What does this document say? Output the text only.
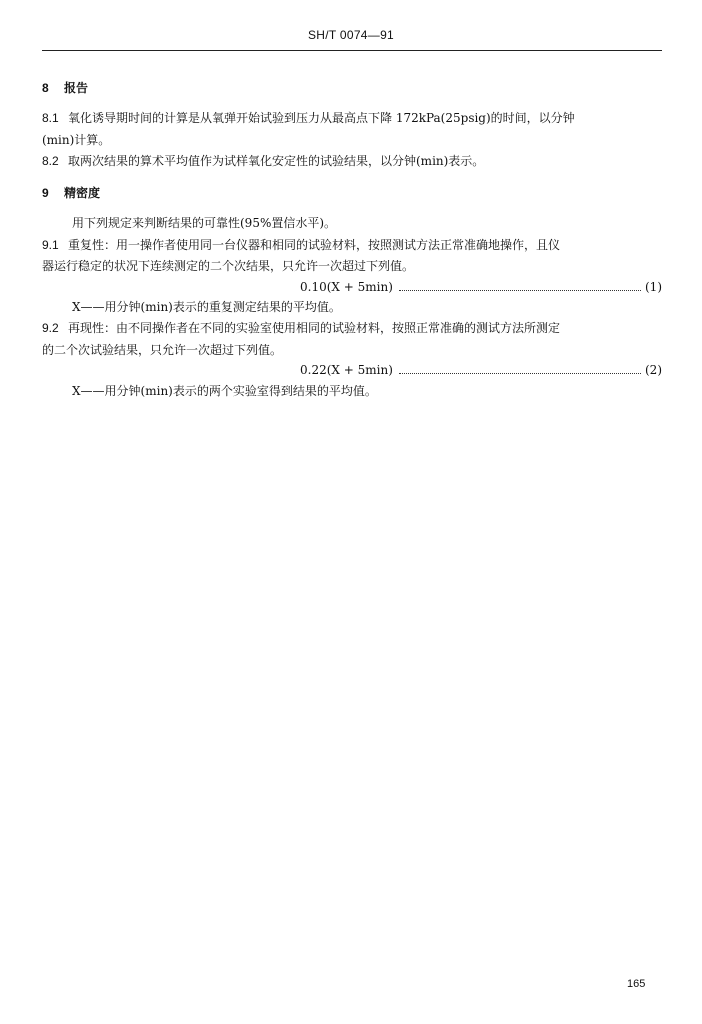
SH/T 0074—91
8 报告
8.1 氧化诱导期时间的计算是从氧弹开始试验到压力从最高点下降 172kPa(25psig)的时间，以分钟
(min)计算。
8.2 取两次结果的算术平均值作为试样氧化安定性的试验结果，以分钟(min)表示。
9 精密度
用下列规定来判断结果的可靠性(95%置信水平)。
9.1 重复性：用一操作者使用同一台仪器和相同的试验材料，按照测试方法正常准确地操作，且仪
器运行稳定的状况下连续测定的二个次结果，只允许一次超过下列值。
0.10(X + 5min)	(1)
X——用分钟(min)表示的重复测定结果的平均值。
9.2 再现性：由不同操作者在不同的实验室使用相同的试验材料，按照正常准确的测试方法所测定
的二个次试验结果，只允许一次超过下列值。
0.22(X + 5min)	(2)
X——用分钟(min)表示的两个实验室得到结果的平均值。
165
